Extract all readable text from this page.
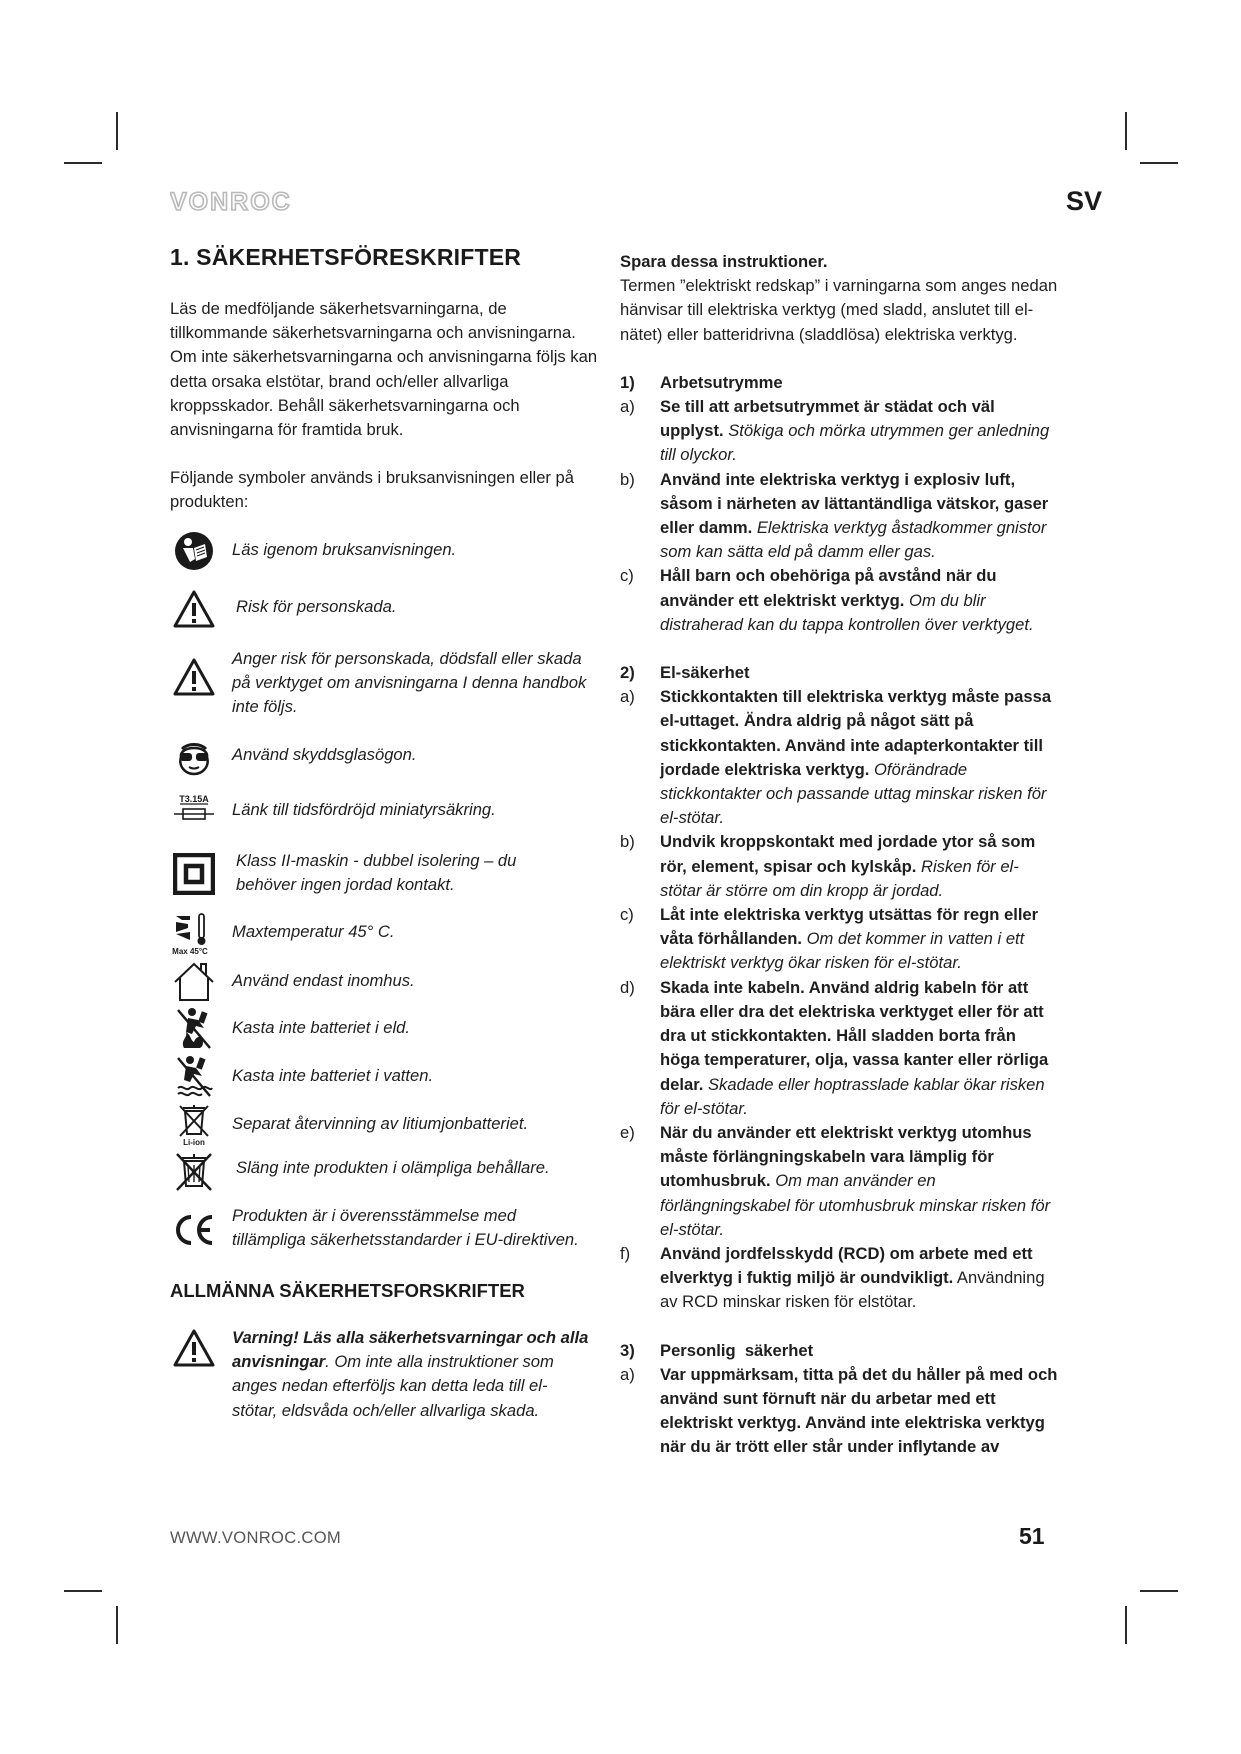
VONROC	SV
1. SÄKERHETSFÖRESKRIFTER

Läs de medföljande säkerhetsvarningarna, de tillkommande säkerhetsvarningarna och anvisningarna. Om inte säkerhetsvarningarna och anvisningarna följs kan detta orsaka elstötar, brand och/eller allvarliga kroppsskador. Behåll säkerhetsvarningarna och anvisningarna för framtida bruk.

Följande symboler används i bruksanvisningen eller på produkten:

Läs igenom bruksanvisningen.
Risk för personskada.
Anger risk för personskada, dödsfall eller skada på verktyget om anvisningarna I denna handbok inte följs.
Använd skyddsglasögon.
T3.15A
Länk till tidsfördröjd miniatyrsäkring.
Klass II-maskin - dubbel isolering – du behöver ingen jordad kontakt.
Max 45°C
Maxtemperatur 45° C.
Använd endast inomhus.
Kasta inte batteriet i eld.
Kasta inte batteriet i vatten.
Li-ion
Separat återvinning av litiumjonbatteriet.
Släng inte produkten i olämpliga behållare.
Produkten är i överensstämmelse med tillämpliga säkerhetsstandarder i EU-direktiven.
ALLMÄNNA SÄKERHETSFORSKRIFTER
Varning! Läs alla säkerhetsvarningar och alla anvisningar. Om inte alla instruktioner som anges nedan efterföljs kan detta leda till el-stötar, eldsvåda och/eller allvarliga skada.

Spara dessa instruktioner.

Termen ”elektriskt redskap” i varningarna som anges nedan hänvisar till elektriska verktyg (med sladd, anslutet till el-nätet) eller batteridrivna (sladdlösa) elektriska verktyg.

1)	Arbetsutrymme
a)	Se till att arbetsutrymmet är städat och väl upplyst. Stökiga och mörka utrymmen ger anledning till olyckor.
b)	Använd inte elektriska verktyg i explosiv luft, såsom i närheten av lättantändliga vätskor, gaser eller damm. Elektriska verktyg åstadkommer gnistor som kan sätta eld på damm eller gas.
c)	Håll barn och obehöriga på avstånd när du använder ett elektriskt verktyg. Om du blir distraherad kan du tappa kontrollen över verktyget.
2)	El-säkerhet
a)	Stickkontakten till elektriska verktyg måste passa el-uttaget. Ändra aldrig på något sätt på stickkontakten. Använd inte adapterkontakter till jordade elektriska verktyg. Oförändrade stickkontakter och passande uttag minskar risken för el-stötar.
b)	Undvik kroppskontakt med jordade ytor så som rör, element, spisar och kylskåp. Risken för el-stötar är större om din kropp är jordad.
c)	Låt inte elektriska verktyg utsättas för regn eller våta förhållanden. Om det kommer in vatten i ett elektriskt verktyg ökar risken för el-stötar.
d)	Skada inte kabeln. Använd aldrig kabeln för att bära eller dra det elektriska verktyget eller för att dra ut stickkontakten. Håll sladden borta från höga temperaturer, olja, vassa kanter eller rörliga delar. Skadade eller hoptrasslade kablar ökar risken för el-stötar.
e)	När du använder ett elektriskt verktyg utomhus måste förlängningskabeln vara lämplig för utomhusbruk. Om man använder en förlängningskabel för utomhusbruk minskar risken för el-stötar.
f)	Använd jordfelsskydd (RCD) om arbete med ett elverktyg i fuktig miljö är oundvikligt. Användning av RCD minskar risken för elstötar.
3)	Personlig  säkerhet
a)	Var uppmärksam, titta på det du håller på med och använd sunt förnuft när du arbetar med ett elektriskt verktyg. Använd inte elektriska verktyg när du är trött eller står under inflytande av
WWW.VONROC.COM	51
